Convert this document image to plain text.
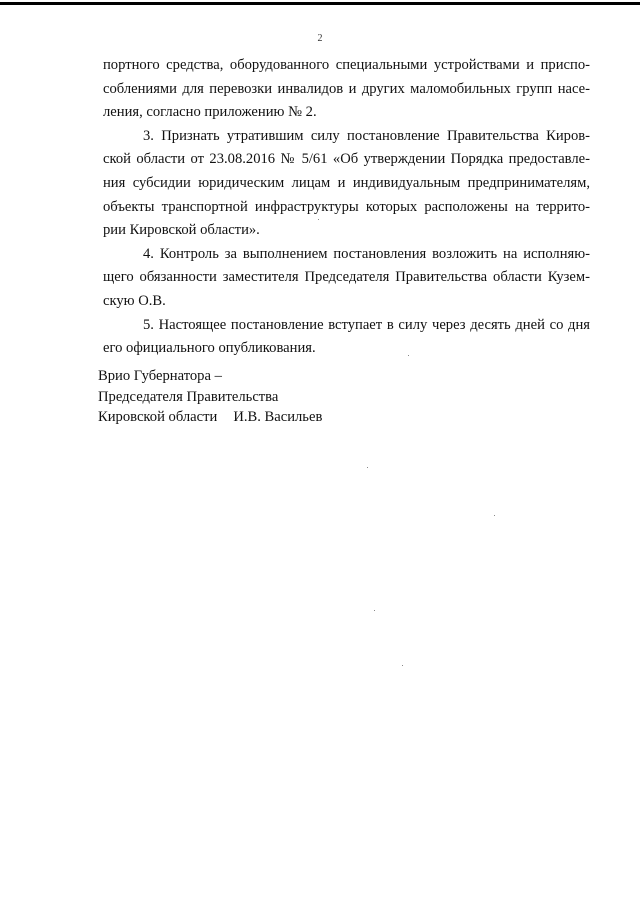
2
портного средства, оборудованного специальными устройствами и приспо-
соблениями для перевозки инвалидов и других маломобильных групп насе-
ления, согласно приложению № 2.
3. Признать утратившим силу постановление Правительства Киров-
ской области от 23.08.2016 № 5/61 «Об утверждении Порядка предоставле-
ния субсидии юридическим лицам и индивидуальным предпринимателям,
объекты транспортной инфраструктуры которых расположены на террито-
рии Кировской области».
4. Контроль за выполнением постановления возложить на исполняю-
щего обязанности заместителя Председателя Правительства области Кузем-
скую О.В.
5. Настоящее постановление вступает в силу через десять дней со дня
его официального опубликования.
Врио Губернатора –
Председателя Правительства
Кировской области И.В. Васильев
